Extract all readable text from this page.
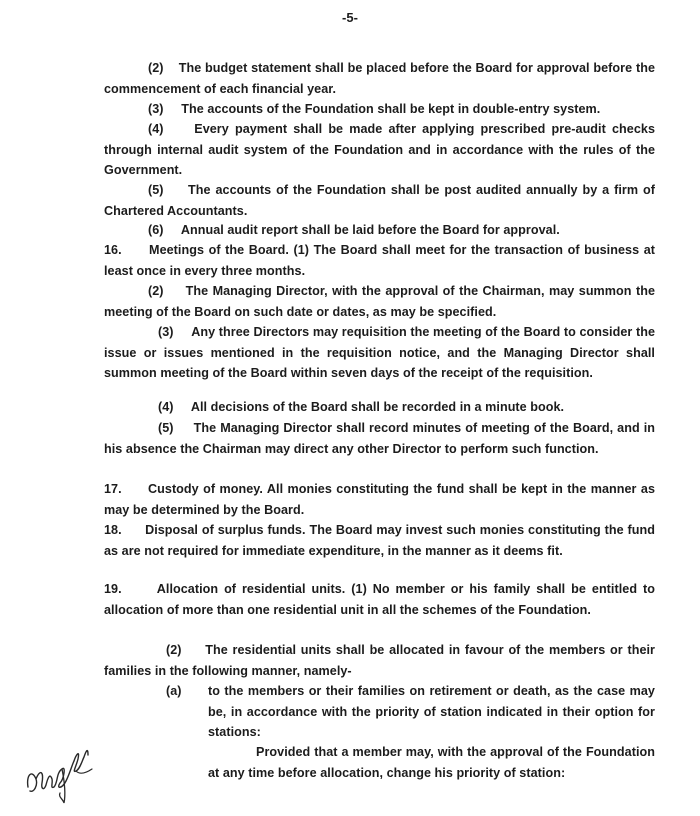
-5-

(2) The budget statement shall be placed before the Board for approval before the commencement of each financial year.

(3) The accounts of the Foundation shall be kept in double-entry system.

(4) Every payment shall be made after applying prescribed pre-audit checks through internal audit system of the Foundation and in accordance with the rules of the Government.

(5) The accounts of the Foundation shall be post audited annually by a firm of Chartered Accountants.

(6) Annual audit report shall be laid before the Board for approval.

16. Meetings of the Board. (1) The Board shall meet for the transaction of business at least once in every three months.

(2) The Managing Director, with the approval of the Chairman, may summon the meeting of the Board on such date or dates, as may be specified.

(3) Any three Directors may requisition the meeting of the Board to consider the issue or issues mentioned in the requisition notice, and the Managing Director shall summon meeting of the Board within seven days of the receipt of the requisition.

(4) All decisions of the Board shall be recorded in a minute book.

(5) The Managing Director shall record minutes of meeting of the Board, and in his absence the Chairman may direct any other Director to perform such function.

17. Custody of money. All monies constituting the fund shall be kept in the manner as may be determined by the Board.

18. Disposal of surplus funds. The Board may invest such monies constituting the fund as are not required for immediate expenditure, in the manner as it deems fit.

19.	Allocation of residential units. (1) No member or his family shall be entitled to allocation of more than one residential unit in all the schemes of the Foundation.

(2) The residential units shall be allocated in favour of the members or their families in the following manner, namely-

(a) to the members or their families on retirement or death, as the case may be, in accordance with the priority of station indicated in their option for stations:

Provided that a member may, with the approval of the Foundation at any time before allocation, change his priority of station:
